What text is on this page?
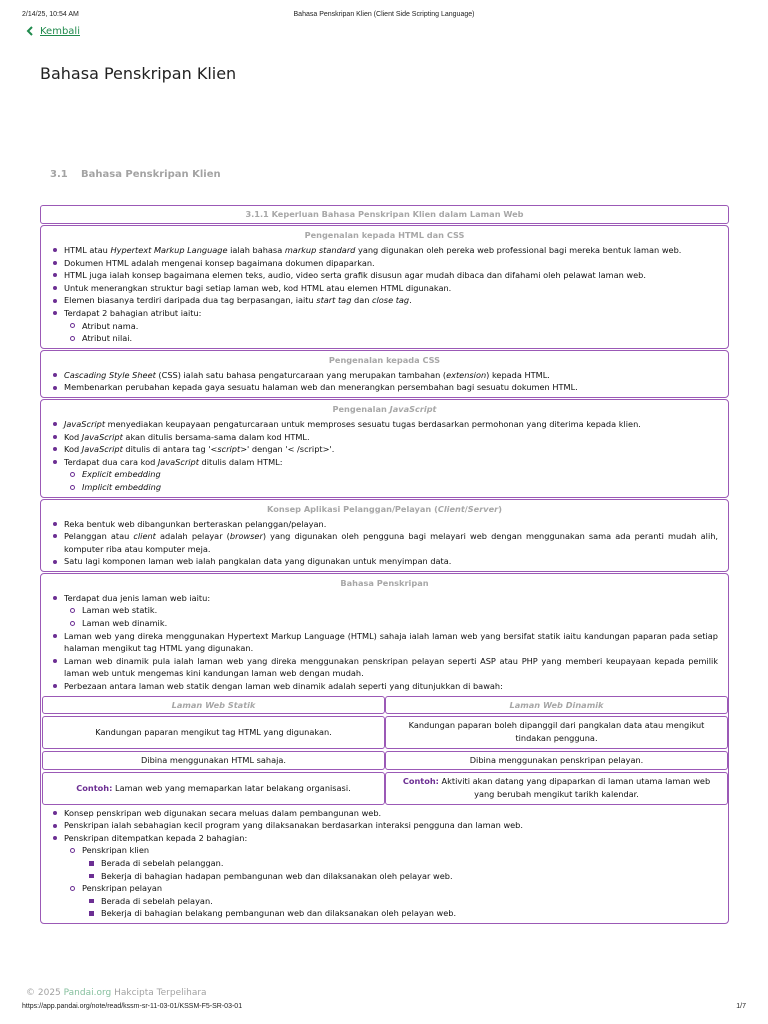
2/14/25, 10:54 AM	Bahasa Penskripan Klien (Client Side Scripting Language)
Kembali
Bahasa Penskripan Klien
3.1 Bahasa Penskripan Klien
3.1.1 Keperluan Bahasa Penskripan Klien dalam Laman Web
Pengenalan kepada HTML dan CSS
HTML atau Hypertext Markup Language ialah bahasa markup standard yang digunakan oleh pereka web professional bagi mereka bentuk laman web.
Dokumen HTML adalah mengenai konsep bagaimana dokumen dipaparkan.
HTML juga ialah konsep bagaimana elemen teks, audio, video serta grafik disusun agar mudah dibaca dan difahami oleh pelawat laman web.
Untuk menerangkan struktur bagi setiap laman web, kod HTML atau elemen HTML digunakan.
Elemen biasanya terdiri daripada dua tag berpasangan, iaitu start tag dan close tag.
Terdapat 2 bahagian atribut iaitu:
Atribut nama.
Atribut nilai.
Pengenalan kepada CSS
Cascading Style Sheet (CSS) ialah satu bahasa pengaturcaraan yang merupakan tambahan (extension) kepada HTML.
Membenarkan perubahan kepada gaya sesuatu halaman web dan menerangkan persembahan bagi sesuatu dokumen HTML.
Pengenalan JavaScript
JavaScript menyediakan keupayaan pengaturcaraan untuk memproses sesuatu tugas berdasarkan permohonan yang diterima kepada klien.
Kod JavaScript akan ditulis bersama-sama dalam kod HTML.
Kod JavaScript ditulis di antara tag '<script>' dengan '< /script>'.
Terdapat dua cara kod JavaScript ditulis dalam HTML:
Explicit embedding
Implicit embedding
Konsep Aplikasi Pelanggan/Pelayan (Client/Server)
Reka bentuk web dibangunkan berteraskan pelanggan/pelayan.
Pelanggan atau client adalah pelayar (browser) yang digunakan oleh pengguna bagi melayari web dengan menggunakan sama ada peranti mudah alih, komputer riba atau komputer meja.
Satu lagi komponen laman web ialah pangkalan data yang digunakan untuk menyimpan data.
Bahasa Penskripan
Terdapat dua jenis laman web iaitu:
Laman web statik.
Laman web dinamik.
Laman web yang direka menggunakan Hypertext Markup Language (HTML) sahaja ialah laman web yang bersifat statik iaitu kandungan paparan pada setiap halaman mengikut tag HTML yang digunakan.
Laman web dinamik pula ialah laman web yang direka menggunakan penskripan pelayan seperti ASP atau PHP yang memberi keupayaan kepada pemilik laman web untuk mengemas kini kandungan laman web dengan mudah.
Perbezaan antara laman web statik dengan laman web dinamik adalah seperti yang ditunjukkan di bawah:
Laman Web Statik	Laman Web Dinamik
Kandungan paparan mengikut tag HTML yang digunakan.	Kandungan paparan boleh dipanggil dari pangkalan data atau mengikut tindakan pengguna.
Dibina menggunakan HTML sahaja.	Dibina menggunakan penskripan pelayan.
Contoh: Laman web yang memaparkan latar belakang organisasi.	Contoh: Aktiviti akan datang yang dipaparkan di laman utama laman web yang berubah mengikut tarikh kalendar.
Konsep penskripan web digunakan secara meluas dalam pembangunan web.
Penskripan ialah sebahagian kecil program yang dilaksanakan berdasarkan interaksi pengguna dan laman web.
Penskripan ditempatkan kepada 2 bahagian:
Penskripan klien
Berada di sebelah pelanggan.
Bekerja di bahagian hadapan pembangunan web dan dilaksanakan oleh pelayar web.
Penskripan pelayan
Berada di sebelah pelayan.
Bekerja di bahagian belakang pembangunan web dan dilaksanakan oleh pelayan web.
© 2025 Pandai.org Hakcipta Terpelihara
https://app.pandai.org/note/read/kssm-sr-11-03-01/KSSM-F5-SR-03-01	1/7
